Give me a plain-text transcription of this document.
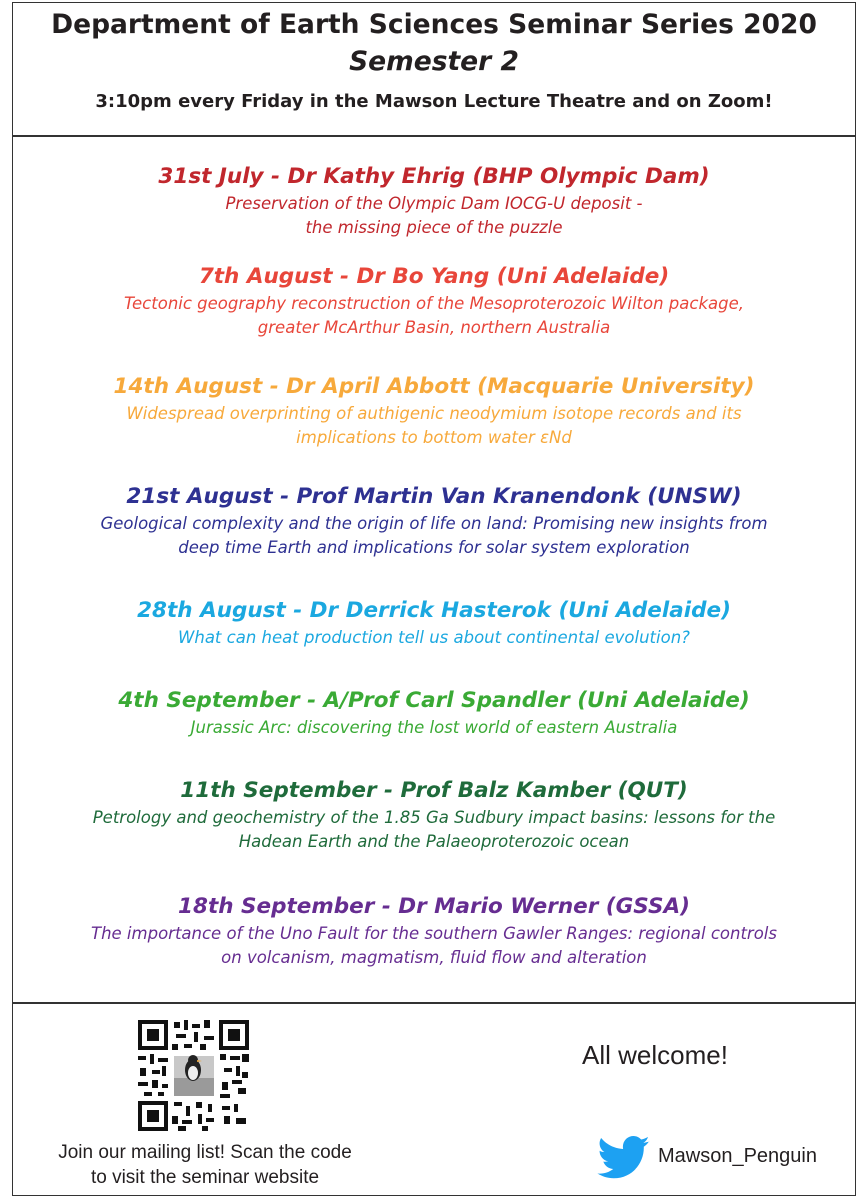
Department of Earth Sciences Seminar Series 2020
Semester 2
3:10pm every Friday in the Mawson Lecture Theatre and on Zoom!
31st July - Dr Kathy Ehrig (BHP Olympic Dam)
Preservation of the Olympic Dam IOCG-U deposit -
the missing piece of the puzzle
7th August - Dr Bo Yang (Uni Adelaide)
Tectonic geography reconstruction of the Mesoproterozoic Wilton package,
greater McArthur Basin, northern Australia
14th August - Dr April Abbott (Macquarie University)
Widespread overprinting of authigenic neodymium isotope records and its
implications to bottom water εNd
21st August - Prof Martin Van Kranendonk (UNSW)
Geological complexity and the origin of life on land: Promising new insights from
deep time Earth and implications for solar system exploration
28th August - Dr Derrick Hasterok (Uni Adelaide)
What can heat production tell us about continental evolution?
4th September - A/Prof Carl Spandler (Uni Adelaide)
Jurassic Arc: discovering the lost world of eastern Australia
11th September - Prof Balz Kamber (QUT)
Petrology and geochemistry of the 1.85 Ga Sudbury impact basins: lessons for the
Hadean Earth and the Palaeoproterozoic ocean
18th September - Dr Mario Werner (GSSA)
The importance of the Uno Fault for the southern Gawler Ranges: regional controls
on volcanism, magmatism, fluid flow and alteration
Join our mailing list! Scan the code
to visit the seminar website
All welcome!
Mawson_Penguin
